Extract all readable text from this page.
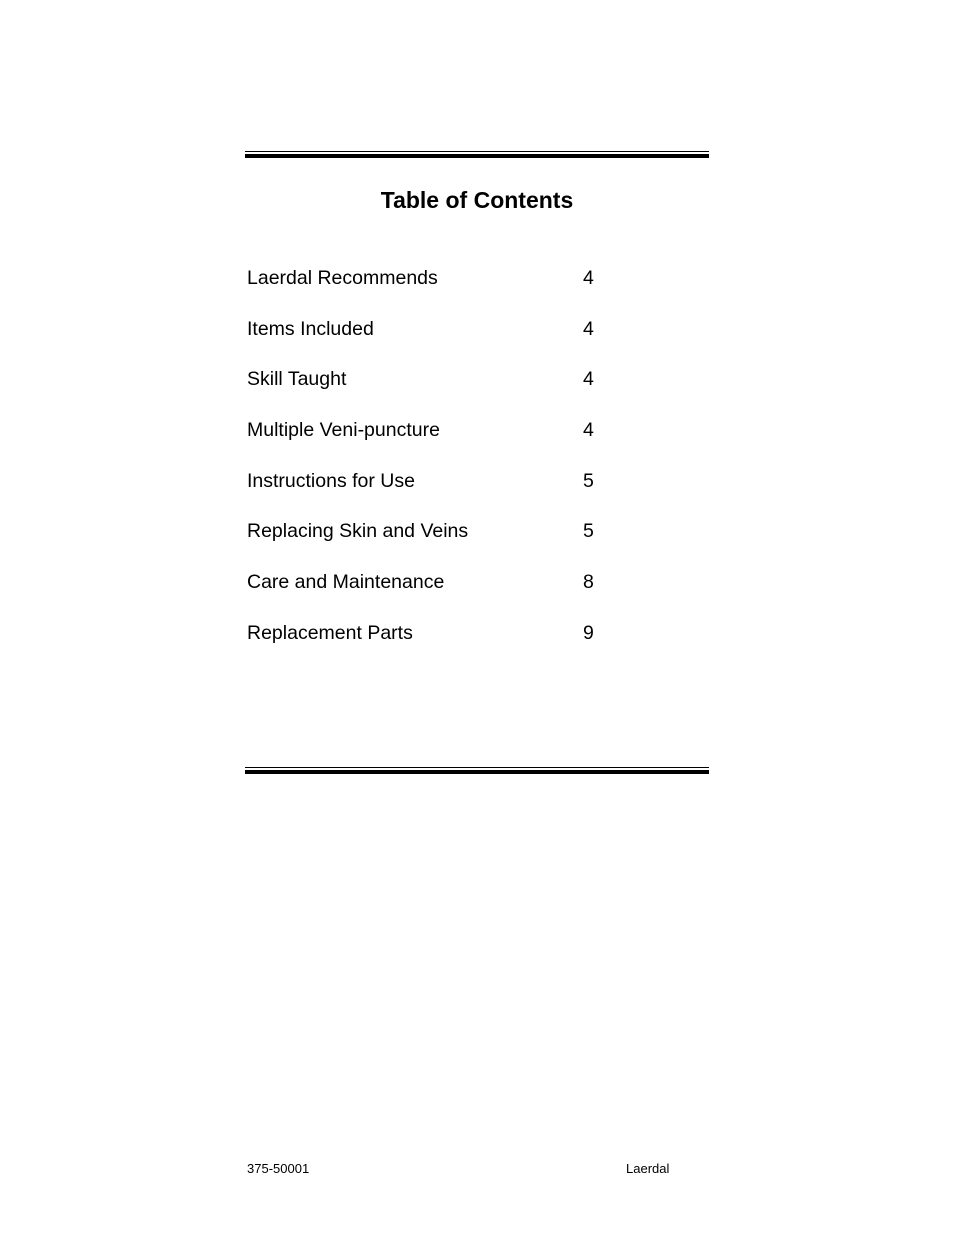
Table of Contents
Laerdal Recommends	4
Items Included	4
Skill Taught	4
Multiple Veni-puncture	4
Instructions for Use	5
Replacing Skin and Veins	5
Care and Maintenance	8
Replacement Parts	9
375-50001	Laerdal
